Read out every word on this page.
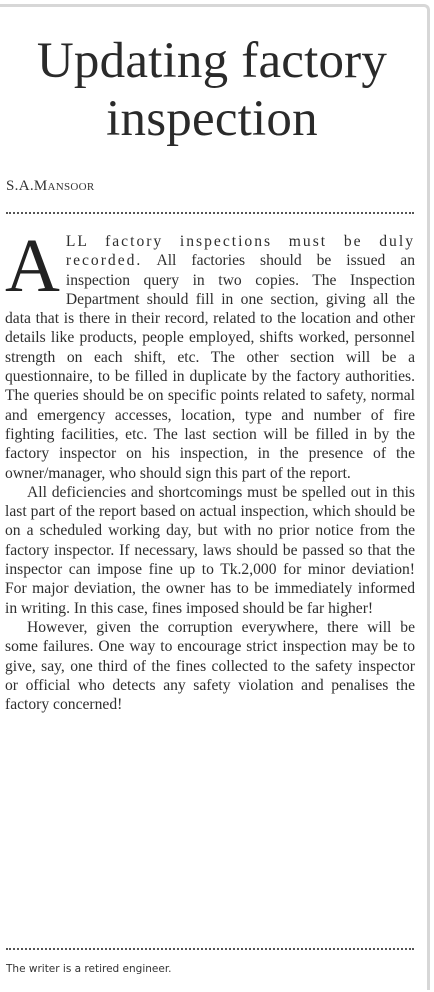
Updating factory inspection
S.A.Mansoor

A LL factory inspections must be duly recorded. All factories should be issued an inspection query in two copies. The Inspection Department should fill in one section, giving all the data that is there in their record, related to the location and other details like products, people employed, shifts worked, personnel strength on each shift, etc. The other section will be a questionnaire, to be filled in duplicate by the factory authorities. The queries should be on specific points related to safety, normal and emergency accesses, location, type and number of fire fighting facilities, etc. The last section will be filled in by the factory inspector on his inspection, in the presence of the owner/manager, who should sign this part of the report.

All deficiencies and shortcomings must be spelled out in this last part of the report based on actual inspection, which should be on a scheduled working day, but with no prior notice from the factory inspector. If necessary, laws should be passed so that the inspector can impose fine up to Tk.2,000 for minor deviation! For major deviation, the owner has to be immediately informed in writing. In this case, fines imposed should be far higher!

However, given the corruption everywhere, there will be some failures. One way to encourage strict inspection may be to give, say, one third of the fines collected to the safety inspector or official who detects any safety violation and penalises the factory concerned!

The writer is a retired engineer.
